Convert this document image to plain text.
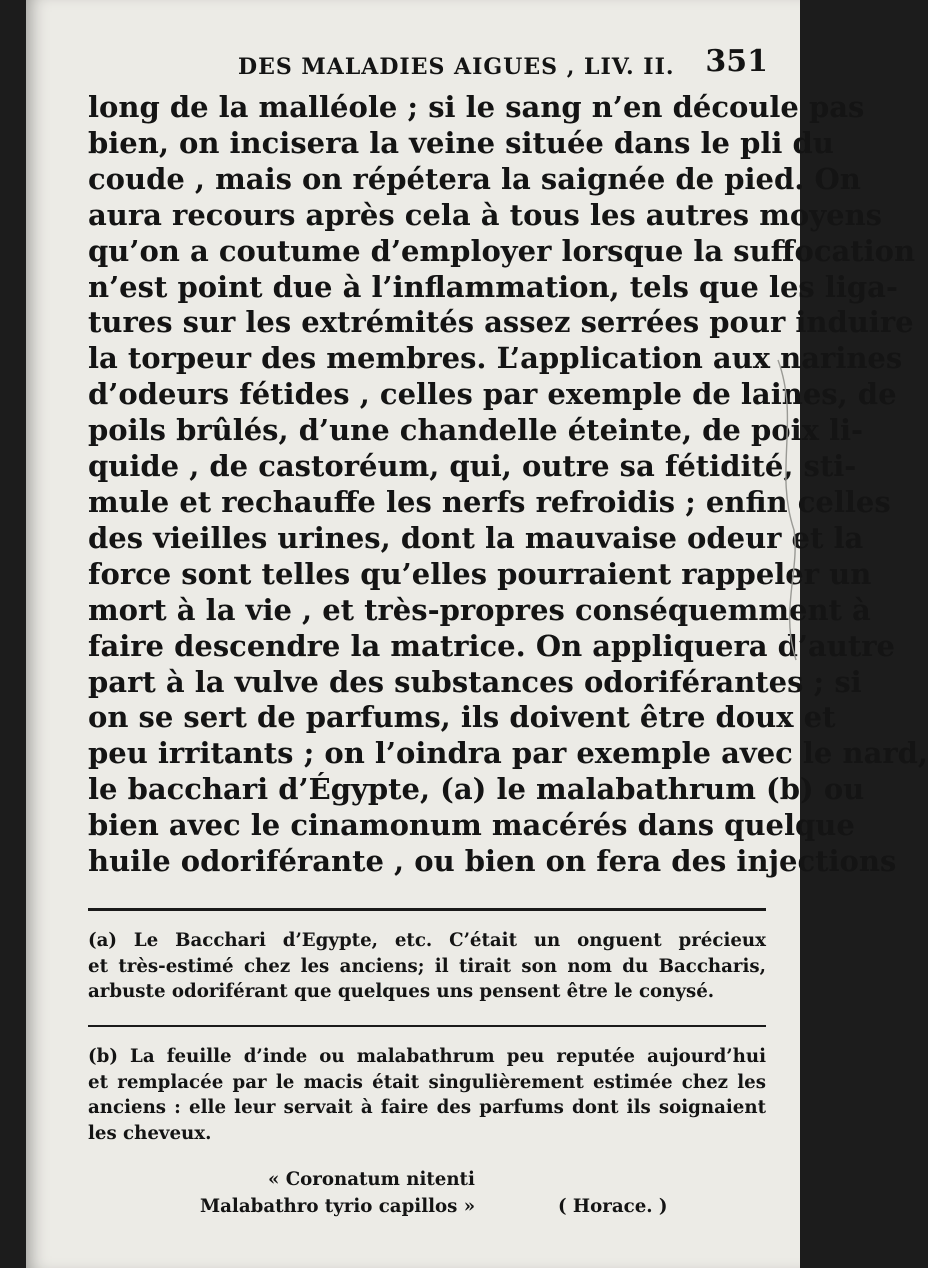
DES MALADIES AIGUES , LIV. II. 351
long de la malléole ; si le sang n’en découle pas
bien, on incisera la veine située dans le pli du
coude , mais on répétera la saignée de pied. On
aura recours après cela à tous les autres moyens
qu’on a coutume d’employer lorsque la suffocation
n’est point due à l’inflammation, tels que les liga-
tures sur les extrémités assez serrées pour induire
la torpeur des membres. L’application aux narines
d’odeurs fétides , celles par exemple de laines, de
poils brûlés, d’une chandelle éteinte, de poix li-
quide , de castoréum, qui, outre sa fétidité, sti-
mule et rechauffe les nerfs refroidis ; enfin celles
des vieilles urines, dont la mauvaise odeur et la
force sont telles qu’elles pourraient rappeler un
mort à la vie , et très-propres conséquemment à
faire descendre la matrice. On appliquera d’autre
part à la vulve des substances odoriférantes ; si
on se sert de parfums, ils doivent être doux et
peu irritants ; on l’oindra par exemple avec le nard,
le bacchari d’Égypte, (a) le malabathrum (b) ou
bien avec le cinamonum macérés dans quelque
huile odoriférante , ou bien on fera des injections
(a) Le Bacchari d’Egypte, etc. C’était un onguent précieux
et très-estimé chez les anciens; il tirait son nom du Baccharis,
arbuste odoriférant que quelques uns pensent être le conysé.
(b) La feuille d’inde ou malabathrum peu reputée aujourd’hui
et remplacée par le macis était singulièrement estimée chez les
anciens : elle leur servait à faire des parfums dont ils soignaient
les cheveux.
« Coronatum nitenti
Malabathro tyrio capillos »	( Horace. )
